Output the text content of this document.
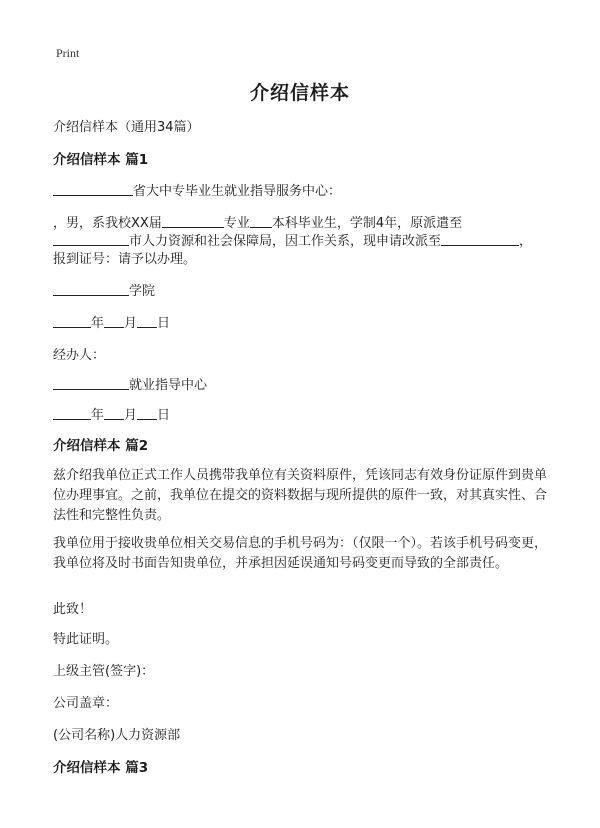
Print
介绍信样本
介绍信样本（通用34篇）
介绍信样本 篇1
省大中专毕业生就业指导服务中心：
，男，系我校XX届	专业 本科毕业生，学制4年，原派遣至
市人力资源和社会保障局，因工作关系，现申请改派至	，
报到证号：请予以办理。
学院
年 月 日
经办人：
就业指导中心
年 月 日
介绍信样本 篇2
兹介绍我单位正式工作人员携带我单位有关资料原件，凭该同志有效身份证原件到贵单位办理事宜。之前，我单位在提交的资料数据与现所提供的原件一致，对其真实性、合法性和完整性负责。
我单位用于接收贵单位相关交易信息的手机号码为：（仅限一个）。若该手机号码变更，我单位将及时书面告知贵单位，并承担因延误通知号码变更而导致的全部责任。
此致！
特此证明。
上级主管(签字)：
公司盖章：
(公司名称)人力资源部
介绍信样本 篇3
